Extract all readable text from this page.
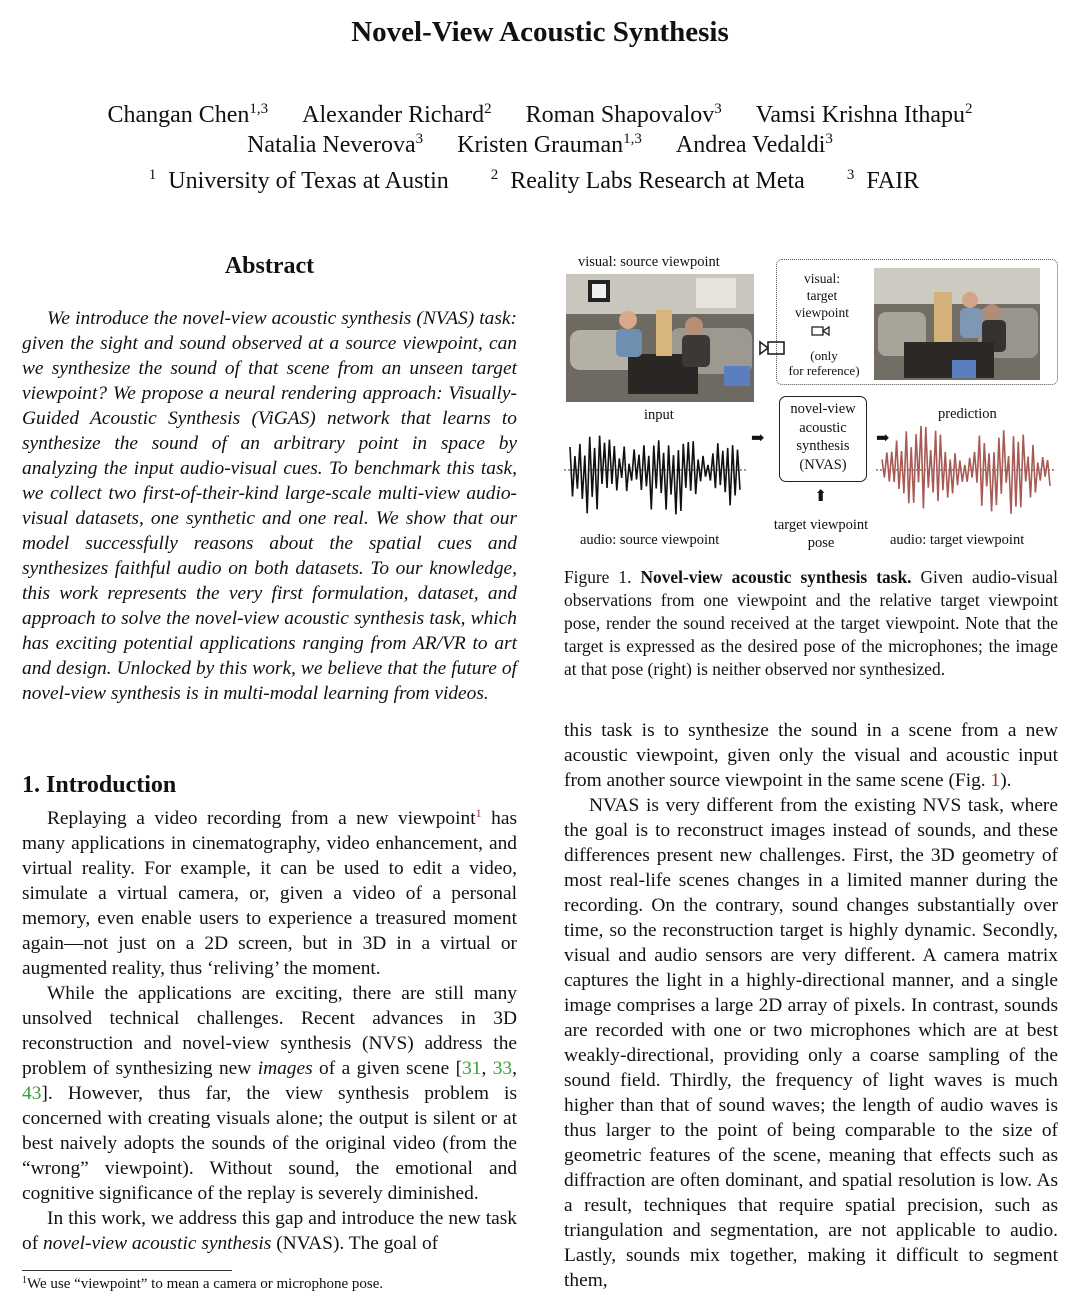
Novel-View Acoustic Synthesis
Changan Chen$^{1,3}$ Alexander Richard$^2$ Roman Shapovalov$^3$ Vamsi Krishna Ithapu$^2$
Natalia Neverova$^3$ Kristen Grauman$^{1,3}$ Andrea Vedaldi$^3$
$^1$ University of Texas at Austin	$^2$ Reality Labs Research at Meta	$^3$ FAIR
Abstract

We introduce the novel-view acoustic synthesis (NVAS) task: given the sight and sound observed at a source viewpoint, can we synthesize the sound of that scene from an unseen target viewpoint? We propose a neural rendering approach: Visually-Guided Acoustic Synthesis (ViGAS) network that learns to synthesize the sound of an arbitrary point in space by analyzing the input audio-visual cues. To benchmark this task, we collect two first-of-their-kind large-scale multi-view audio-visual datasets, one synthetic and one real. We show that our model successfully reasons about the spatial cues and synthesizes faithful audio on both datasets. To our knowledge, this work represents the very first formulation, dataset, and approach to solve the novel-view acoustic synthesis task, which has exciting potential applications ranging from AR/VR to art and design. Unlocked by this work, we believe that the future of novel-view synthesis is in multi-modal learning from videos.

1. Introduction

Replaying a video recording from a new viewpoint$^1$ has many applications in cinematography, video enhancement, and virtual reality. For example, it can be used to edit a video, simulate a virtual camera, or, given a video of a personal memory, even enable users to experience a treasured moment again—not just on a 2D screen, but in 3D in a virtual or augmented reality, thus ‘reliving’ the moment.

While the applications are exciting, there are still many unsolved technical challenges. Recent advances in 3D reconstruction and novel-view synthesis (NVS) address the problem of synthesizing new images of a given scene [31, 33, 43]. However, thus far, the view synthesis problem is concerned with creating visuals alone; the output is silent or at best naively adopts the sounds of the original video (from the “wrong” viewpoint). Without sound, the emotional and cognitive significance of the replay is severely diminished.

In this work, we address this gap and introduce the new task of novel-view acoustic synthesis (NVAS). The goal of

$^1$We use “viewpoint” to mean a camera or microphone pose.
visual: source viewpoint
visual:
target
viewpoint
(only
for reference)
input	prediction
➡
novel-view
acoustic
synthesis
(NVAS)
➡
⬆
target viewpoint
pose
audio: source viewpoint	audio: target viewpoint

Figure 1. Novel-view acoustic synthesis task. Given audio-visual observations from one viewpoint and the relative target viewpoint pose, render the sound received at the target viewpoint. Note that the target is expressed as the desired pose of the microphones; the image at that pose (right) is neither observed nor synthesized.

this task is to synthesize the sound in a scene from a new acoustic viewpoint, given only the visual and acoustic input from another source viewpoint in the same scene (Fig. 1).

NVAS is very different from the existing NVS task, where the goal is to reconstruct images instead of sounds, and these differences present new challenges. First, the 3D geometry of most real-life scenes changes in a limited manner during the recording. On the contrary, sound changes substantially over time, so the reconstruction target is highly dynamic. Secondly, visual and audio sensors are very different. A camera matrix captures the light in a highly-directional manner, and a single image comprises a large 2D array of pixels. In contrast, sounds are recorded with one or two microphones which are at best weakly-directional, providing only a coarse sampling of the sound field. Thirdly, the frequency of light waves is much higher than that of sound waves; the length of audio waves is thus larger to the point of being comparable to the size of geometric features of the scene, meaning that effects such as diffraction are often dominant, and spatial resolution is low. As a result, techniques that require spatial precision, such as triangulation and segmentation, are not applicable to audio. Lastly, sounds mix together, making it difficult to segment them,
